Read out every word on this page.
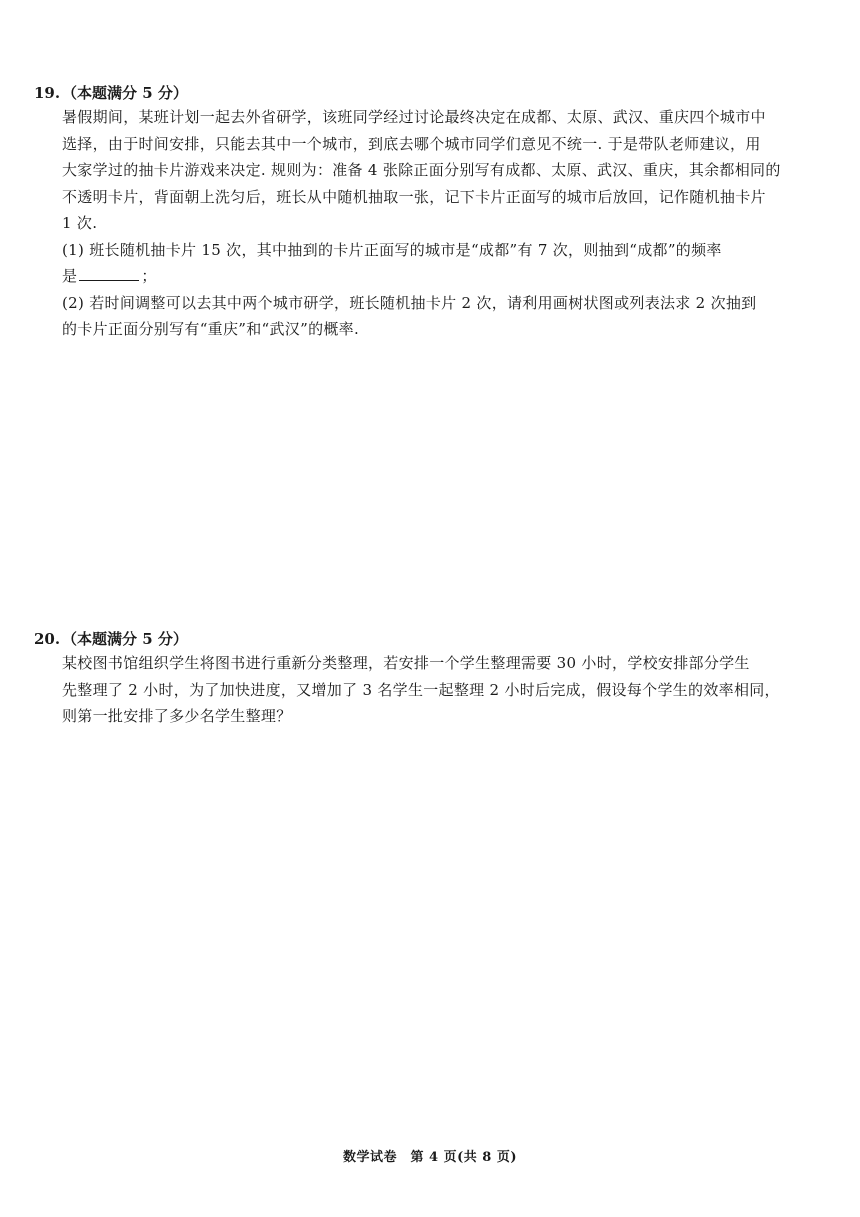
19. （本题满分 5 分）
暑假期间，某班计划一起去外省研学，该班同学经过讨论最终决定在成都、太原、武汉、重庆四个城市中
选择，由于时间安排，只能去其中一个城市，到底去哪个城市同学们意见不统一. 于是带队老师建议，用
大家学过的抽卡片游戏来决定. 规则为：准备 4 张除正面分别写有成都、太原、武汉、重庆，其余都相同的
不透明卡片，背面朝上洗匀后，班长从中随机抽取一张，记下卡片正面写的城市后放回，记作随机抽卡片
1 次.
(1) 班长随机抽卡片 15 次，其中抽到的卡片正面写的城市是“成都”有 7 次，则抽到“成都”的频率
是	；
(2) 若时间调整可以去其中两个城市研学，班长随机抽卡片 2 次，请利用画树状图或列表法求 2 次抽到
的卡片正面分别写有“重庆”和“武汉”的概率.
20. （本题满分 5 分）
某校图书馆组织学生将图书进行重新分类整理，若安排一个学生整理需要 30 小时，学校安排部分学生
先整理了 2 小时，为了加快进度，又增加了 3 名学生一起整理 2 小时后完成，假设每个学生的效率相同，
则第一批安排了多少名学生整理？
数学试卷　第 4 页(共 8 页)
